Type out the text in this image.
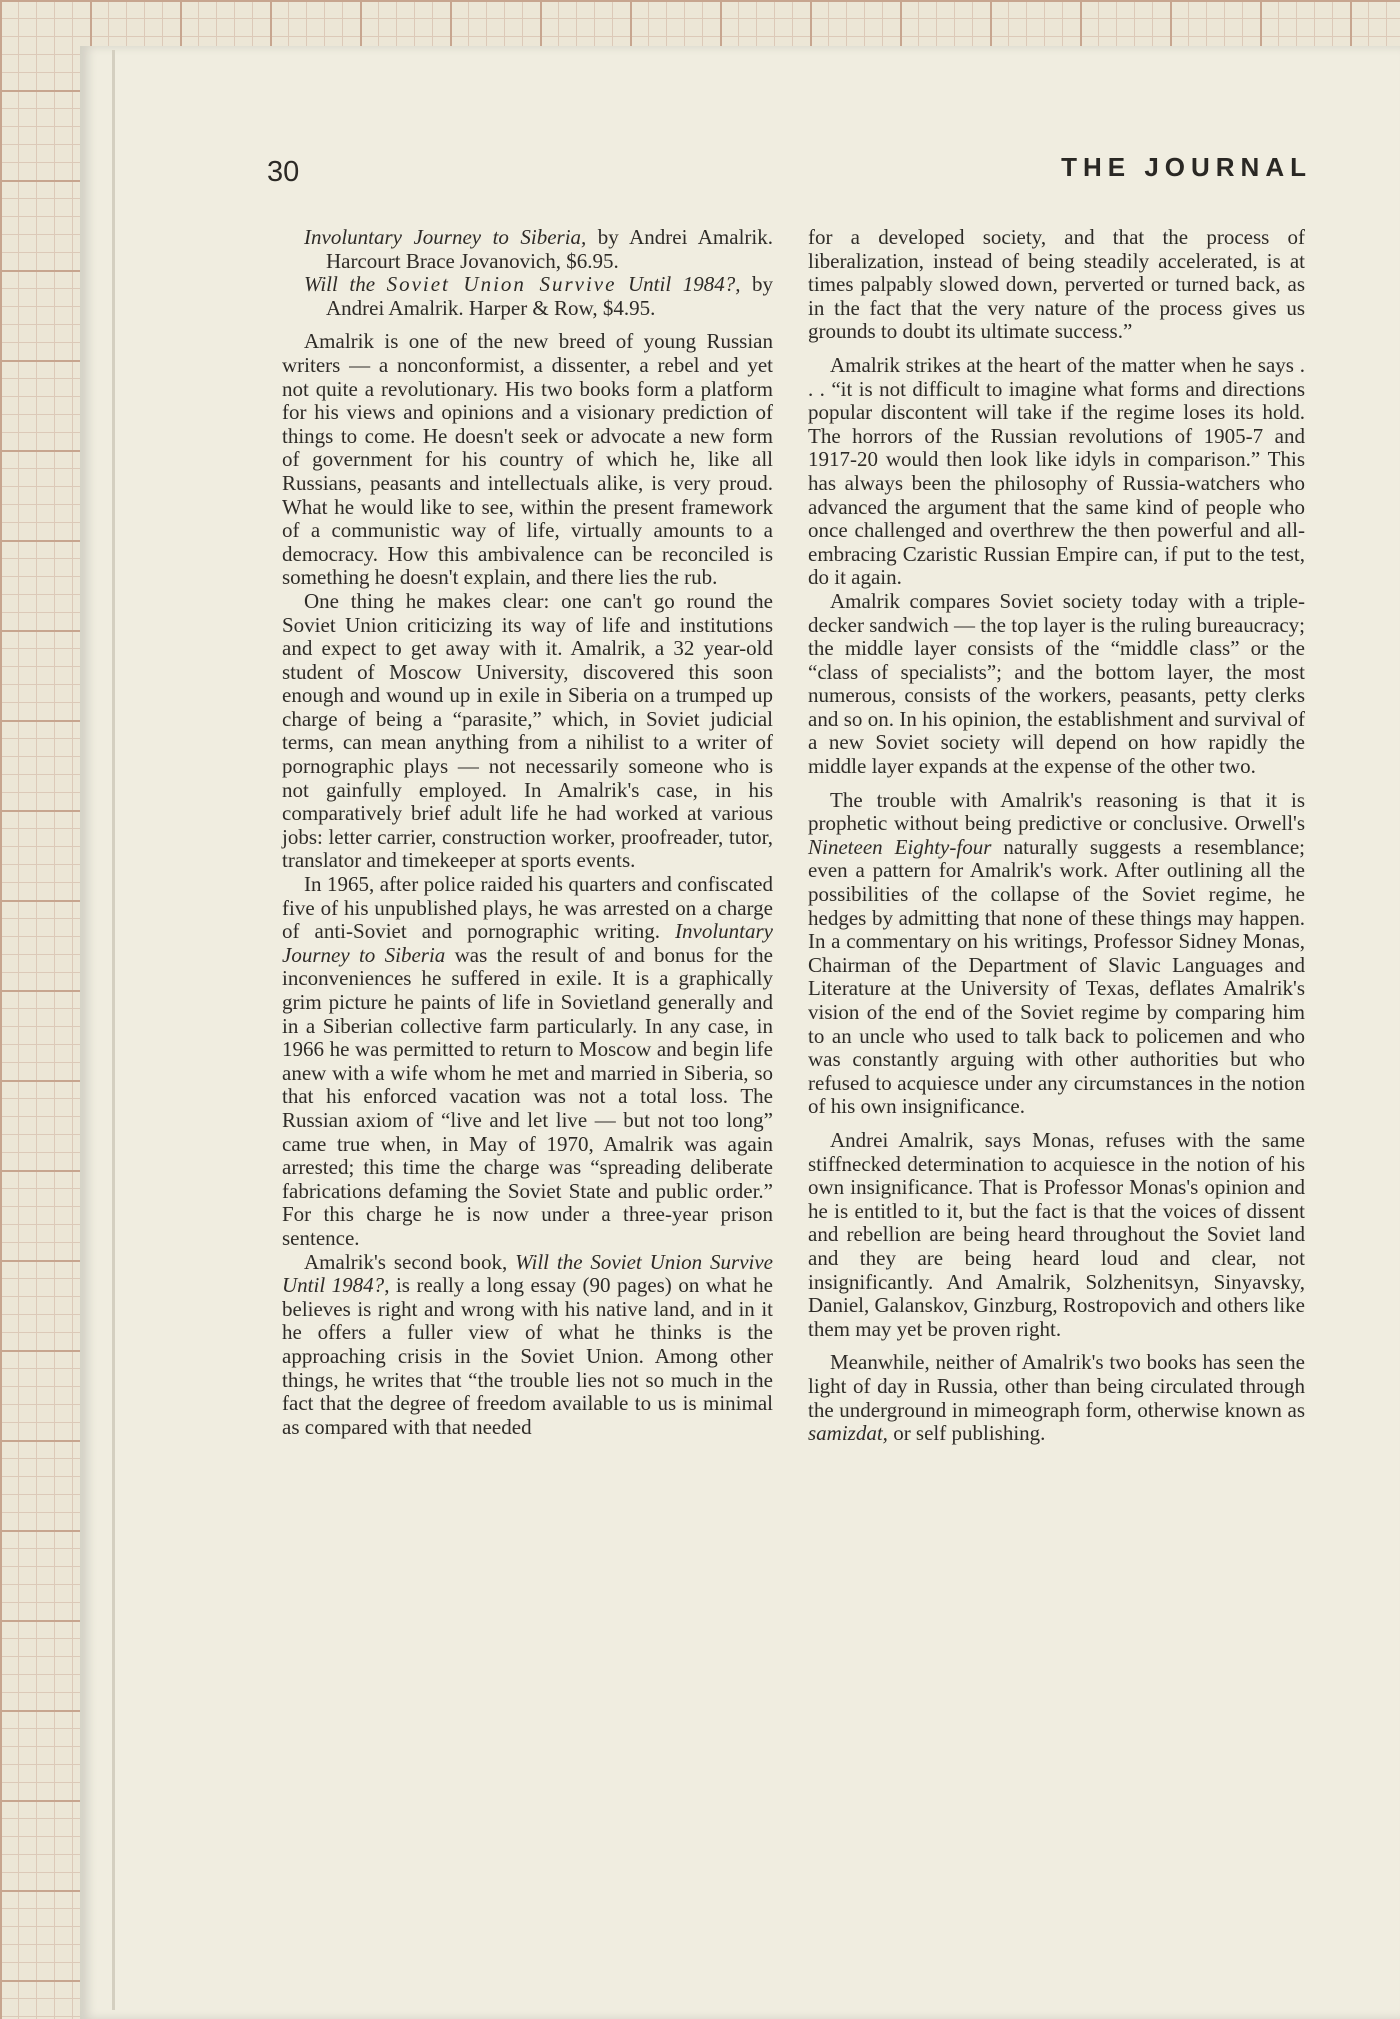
30	THE JOURNAL

Involuntary Journey to Siberia, by Andrei Amalrik. Harcourt Brace Jovanovich, $6.95.

Will the Soviet Union Survive Until 1984?, by Andrei Amalrik. Harper & Row, $4.95.

Amalrik is one of the new breed of young Russian writers — a nonconformist, a dissenter, a rebel and yet not quite a revolutionary. His two books form a platform for his views and opinions and a visionary prediction of things to come. He doesn't seek or advocate a new form of government for his country of which he, like all Russians, peasants and intellectuals alike, is very proud. What he would like to see, within the present framework of a communistic way of life, virtually amounts to a democracy. How this ambivalence can be reconciled is something he doesn't explain, and there lies the rub.

One thing he makes clear: one can't go round the Soviet Union criticizing its way of life and institutions and expect to get away with it. Amalrik, a 32 year-old student of Moscow University, discovered this soon enough and wound up in exile in Siberia on a trumped up charge of being a “parasite,” which, in Soviet judicial terms, can mean anything from a nihilist to a writer of pornographic plays — not necessarily someone who is not gainfully employed. In Amalrik's case, in his comparatively brief adult life he had worked at various jobs: letter carrier, construction worker, proofreader, tutor, translator and timekeeper at sports events.

In 1965, after police raided his quarters and confiscated five of his unpublished plays, he was arrested on a charge of anti-Soviet and pornographic writing. Involuntary Journey to Siberia was the result of and bonus for the inconveniences he suffered in exile. It is a graphically grim picture he paints of life in Sovietland generally and in a Siberian collective farm particularly. In any case, in 1966 he was permitted to return to Moscow and begin life anew with a wife whom he met and married in Siberia, so that his enforced vacation was not a total loss. The Russian axiom of “live and let live — but not too long” came true when, in May of 1970, Amalrik was again arrested; this time the charge was “spreading deliberate fabrications defaming the Soviet State and public order.” For this charge he is now under a three-year prison sentence.

Amalrik's second book, Will the Soviet Union Survive Until 1984?, is really a long essay (90 pages) on what he believes is right and wrong with his native land, and in it he offers a fuller view of what he thinks is the approaching crisis in the Soviet Union. Among other things, he writes that “the trouble lies not so much in the fact that the degree of freedom available to us is minimal as compared with that needed

for a developed society, and that the process of liberalization, instead of being steadily accelerated, is at times palpably slowed down, perverted or turned back, as in the fact that the very nature of the process gives us grounds to doubt its ultimate success.”

Amalrik strikes at the heart of the matter when he says . . . “it is not difficult to imagine what forms and directions popular discontent will take if the regime loses its hold. The horrors of the Russian revolutions of 1905-7 and 1917-20 would then look like idyls in comparison.” This has always been the philosophy of Russia-watchers who advanced the argument that the same kind of people who once challenged and overthrew the then powerful and all-embracing Czaristic Russian Empire can, if put to the test, do it again.

Amalrik compares Soviet society today with a triple-decker sandwich — the top layer is the ruling bureaucracy; the middle layer consists of the “middle class” or the “class of specialists”; and the bottom layer, the most numerous, consists of the workers, peasants, petty clerks and so on. In his opinion, the establishment and survival of a new Soviet society will depend on how rapidly the middle layer expands at the expense of the other two.

The trouble with Amalrik's reasoning is that it is prophetic without being predictive or conclusive. Orwell's Nineteen Eighty-four naturally suggests a resemblance; even a pattern for Amalrik's work. After outlining all the possibilities of the collapse of the Soviet regime, he hedges by admitting that none of these things may happen. In a commentary on his writings, Professor Sidney Monas, Chairman of the Department of Slavic Languages and Literature at the University of Texas, deflates Amalrik's vision of the end of the Soviet regime by comparing him to an uncle who used to talk back to policemen and who was constantly arguing with other authorities but who refused to acquiesce under any circumstances in the notion of his own insignificance.

Andrei Amalrik, says Monas, refuses with the same stiffnecked determination to acquiesce in the notion of his own insignificance. That is Professor Monas's opinion and he is entitled to it, but the fact is that the voices of dissent and rebellion are being heard throughout the Soviet land and they are being heard loud and clear, not insignificantly. And Amalrik, Solzhenitsyn, Sinyavsky, Daniel, Galanskov, Ginzburg, Rostropovich and others like them may yet be proven right.

Meanwhile, neither of Amalrik's two books has seen the light of day in Russia, other than being circulated through the underground in mimeograph form, otherwise known as samizdat, or self publishing.
